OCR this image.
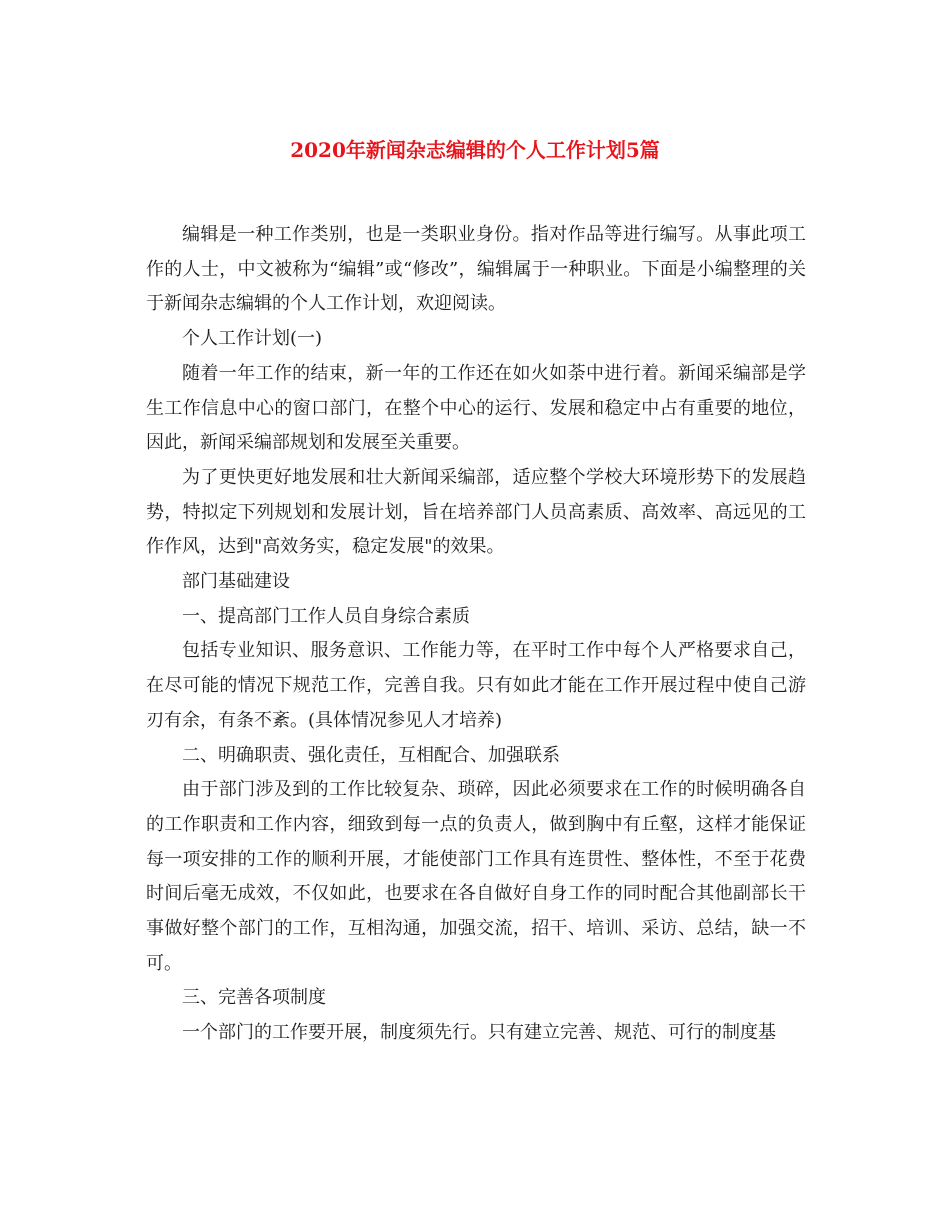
2020年新闻杂志编辑的个人工作计划5篇

编辑是一种工作类别，也是一类职业身份。指对作品等进行编写。从事此项工作的人士，中文被称为“编辑”或“修改”，编辑属于一种职业。下面是小编整理的关于新闻杂志编辑的个人工作计划，欢迎阅读。

个人工作计划(一)

随着一年工作的结束，新一年的工作还在如火如荼中进行着。新闻采编部是学生工作信息中心的窗口部门，在整个中心的运行、发展和稳定中占有重要的地位，因此，新闻采编部规划和发展至关重要。

为了更快更好地发展和壮大新闻采编部，适应整个学校大环境形势下的发展趋势，特拟定下列规划和发展计划，旨在培养部门人员高素质、高效率、高远见的工作作风，达到"高效务实，稳定发展"的效果。

部门基础建设

一、提高部门工作人员自身综合素质

包括专业知识、服务意识、工作能力等，在平时工作中每个人严格要求自己，在尽可能的情况下规范工作，完善自我。只有如此才能在工作开展过程中使自己游刃有余，有条不紊。(具体情况参见人才培养)

二、明确职责、强化责任，互相配合、加强联系

由于部门涉及到的工作比较复杂、琐碎，因此必须要求在工作的时候明确各自的工作职责和工作内容，细致到每一点的负责人，做到胸中有丘壑，这样才能保证每一项安排的工作的顺利开展，才能使部门工作具有连贯性、整体性，不至于花费时间后毫无成效，不仅如此，也要求在各自做好自身工作的同时配合其他副部长干事做好整个部门的工作，互相沟通，加强交流，招干、培训、采访、总结，缺一不可。

三、完善各项制度

一个部门的工作要开展，制度须先行。只有建立完善、规范、可行的制度基
